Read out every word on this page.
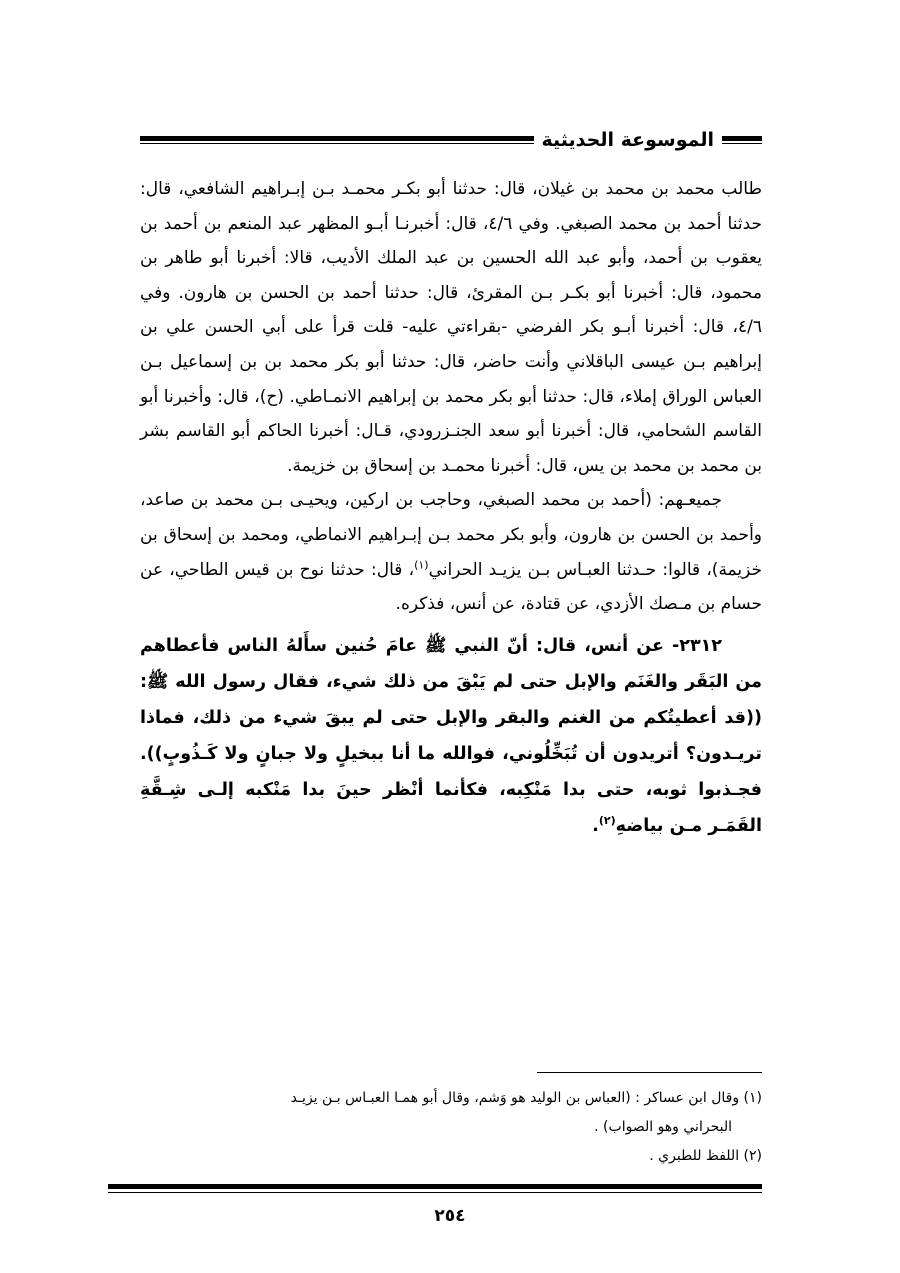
الموسوعة الحديثية

طالب محمد بن محمد بن غيلان، قال: حدثنا أبو بكـر محمـد بـن إبـراهيم الشافعي، قال: حدثنا أحمد بن محمد الصبغي. وفي ٤/٦، قال: أخبرنـا أبـو المظهر عبد المنعم بن أحمد بن يعقوب بن أحمد، وأبو عبد الله الحسين بن عبد الملك الأديب، قالا: أخبرنا أبو طاهر بن محمود، قال: أخبرنا أبو بكـر بـن المقرئ، قال: حدثنا أحمد بن الحسن بن هارون. وفي ٤/٦، قال: أخبرنا أبـو بكر الفرضي -بقراءتي عليه- قلت قرأ على أبي الحسن علي بن إبراهيم بـن عيسى الباقلاني وأنت حاضر، قال: حدثنا أبو بكر محمد بن بن إسماعيل بـن العباس الوراق إملاء، قال: حدثنا أبو بكر محمد بن إبراهيم الانمـاطي. (ح)، قال: وأخبرنا أبو القاسم الشحامي، قال: أخبرنا أبو سعد الجنـزرودي، قـال: أخبرنا الحاكم أبو القاسم بشر بن محمد بن محمد بن يس، قال: أخبرنا محمـد بن إسحاق بن خزيمة.

جميعـهم: (أحمد بن محمد الصبغي، وحاجب بن اركين، ويحيـى بـن محمد بن صاعد، وأحمد بن الحسن بن هارون، وأبو بكر محمد بـن إبـراهيم الانماطي، ومحمد بن إسحاق بن خزيمة)، قالوا: حـدثنا العبـاس بـن يزيـد الحراني$^{(١)}$، قال: حدثنا نوح بن قيس الطاحي، عن حسام بن مـصك الأزدي، عن قتادة، عن أنس، فذكره.

٢٣١٢- عن أنس، قال: أنّ النبي ﷺ عامَ حُنين سأَلهُ الناس فأعطاهم من البَقَر والغَنَم والإبل حتى لم يَبْقَ من ذلك شيء، فقال رسول الله ﷺ: ((قد أعطيتُكم من الغنم والبقر والإبل حتى لم يبقَ شيء من ذلك، فماذا تريـدون؟ أتريدون أن تُبَخِّلُوني، فوالله ما أنا ببخيلٍ ولا جبانٍ ولا كَـذُوبٍ)). فجـذبوا ثوبه، حتى بدا مَنْكِبه، فكأنما أنْظر حينَ بدا مَنْكبه إلـى شِـقَّةِ القَمَـر مـن بياضهِ$^{(٢)}$.

(١) وقال ابن عساكر : (العباس بن الوليد هو وَشم، وقال أبو همـا العبـاس بـن يزيـد

البحراني وهو الصواب) .

(٢) اللفظ للطبري .

٢٥٤
